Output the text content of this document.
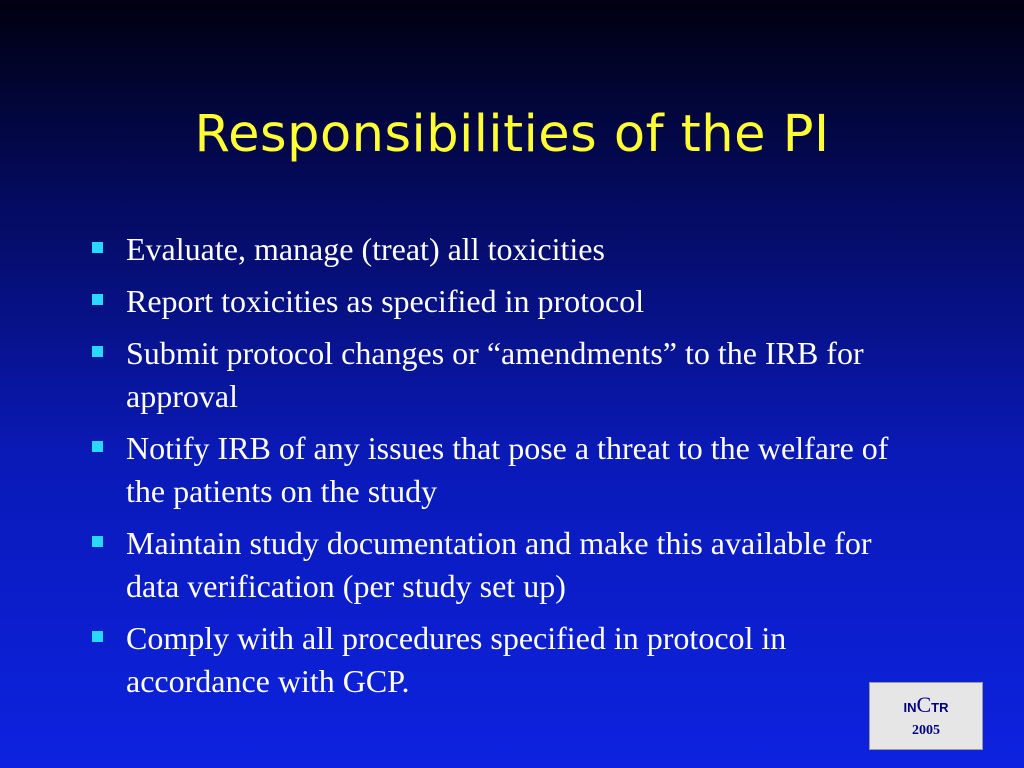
Responsibilities of the PI
Evaluate, manage (treat) all toxicities
Report toxicities as specified in protocol
Submit protocol changes or “amendments” to the IRB for approval
Notify IRB of any issues that pose a threat to the welfare of the patients on the study
Maintain study documentation and make this available for data verification (per study set up)
Comply with all procedures specified in protocol in accordance with GCP.
INCTR
2005
